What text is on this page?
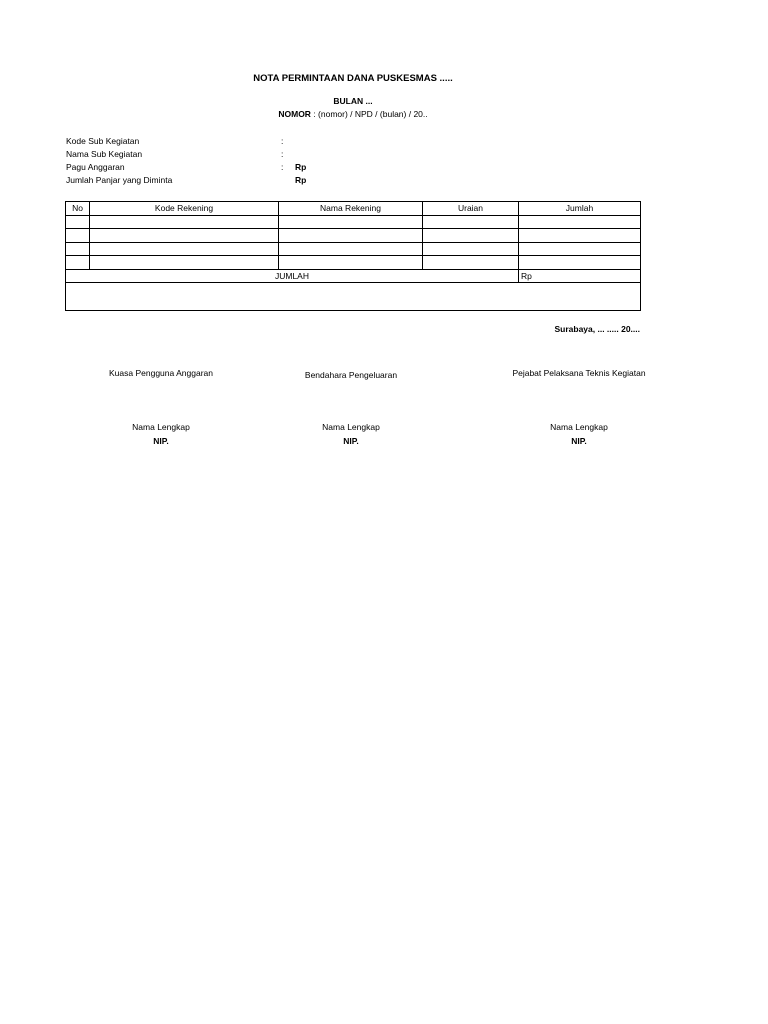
NOTA PERMINTAAN DANA PUSKESMAS .....
BULAN ...
NOMOR : (nomor) / NPD / (bulan) / 20..
Kode Sub Kegiatan	:
Nama Sub Kegiatan	:
Pagu Anggaran	: Rp
Jumlah Panjar yang Diminta	Rp
No	Kode Rekening	Nama Rekening	Uraian	Jumlah

JUMLAH				Rp

Surabaya, ... ..... 20....
Kuasa Pengguna Anggaran	Bendahara Pengeluaran	Pejabat Pelaksana Teknis Kegiatan
Nama Lengkap	Nama Lengkap	Nama Lengkap
NIP.	NIP.	NIP.
